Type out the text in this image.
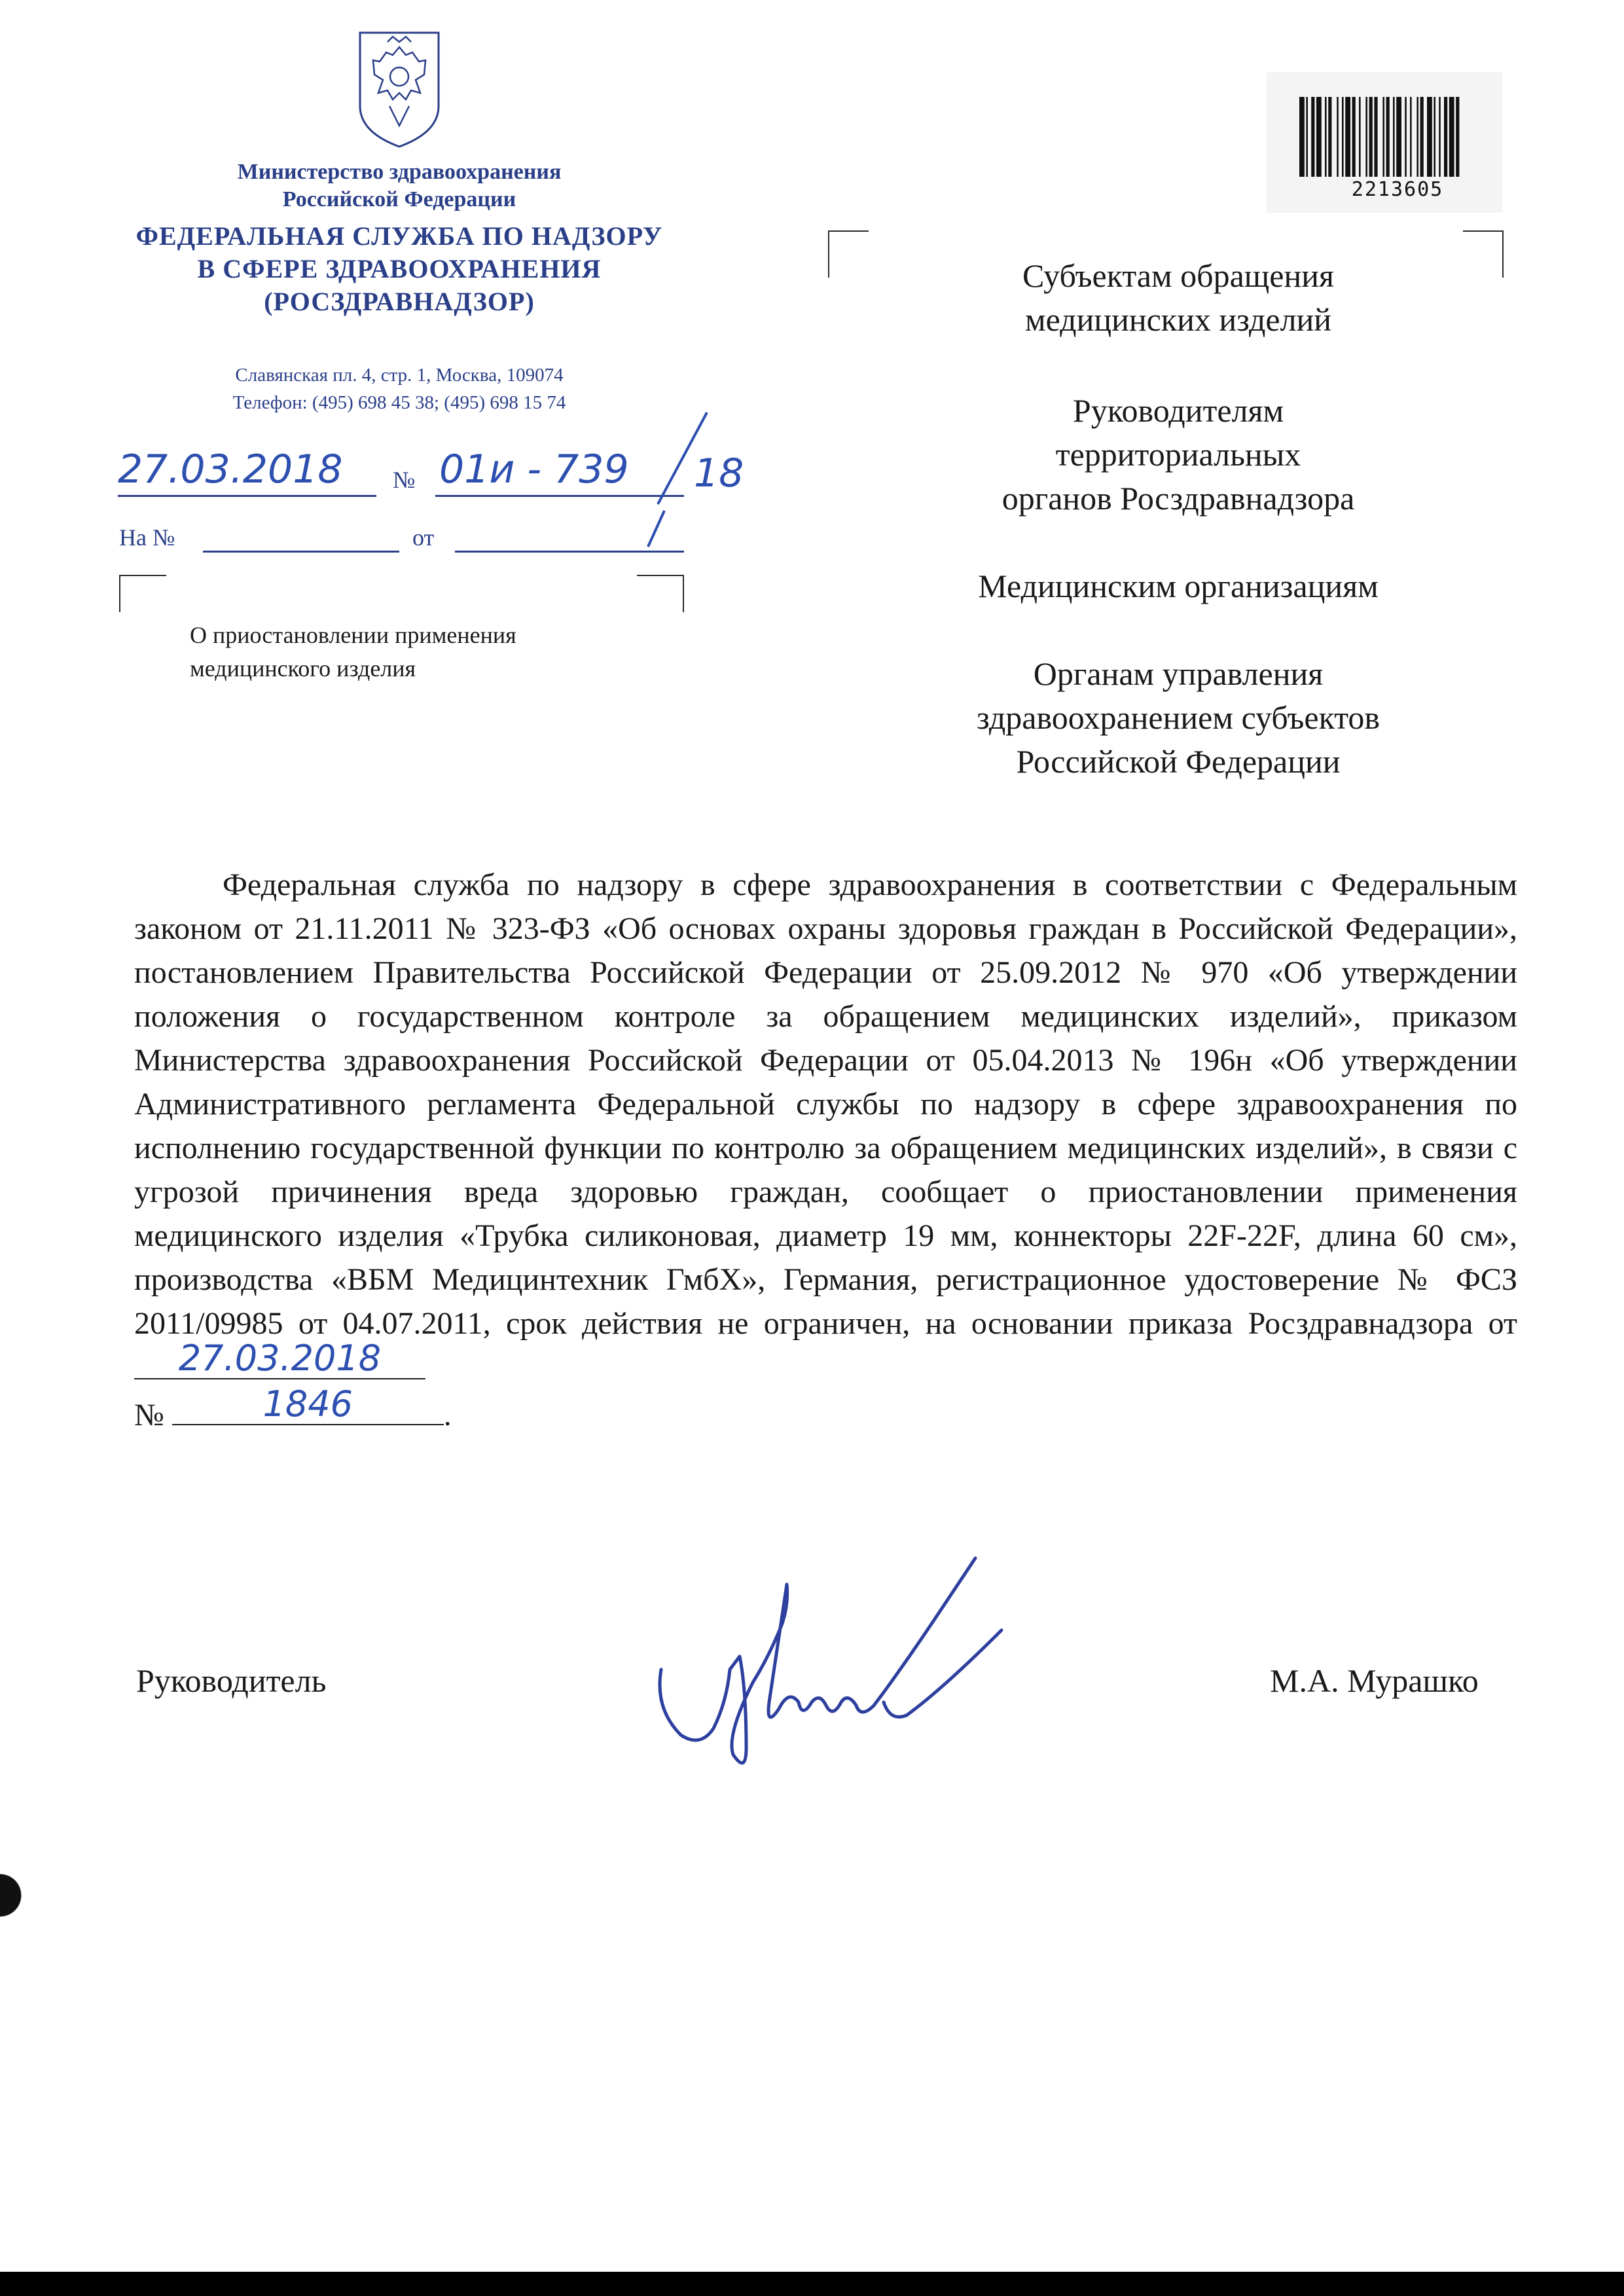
Министерство здравоохранения
Российской Федерации
ФЕДЕРАЛЬНАЯ СЛУЖБА ПО НАДЗОРУ
В СФЕРЕ ЗДРАВООХРАНЕНИЯ
(РОСЗДРАВНАДЗОР)
Славянская пл. 4, стр. 1, Москва, 109074
Телефон: (495) 698 45 38; (495) 698 15 74
27.03.2018 № 01и - 739 18
На №	от
О приостановлении применения
медицинского изделия
2213605
Субъектам обращения
медицинских изделий
Руководителям
территориальных
органов Росздравнадзора
Медицинским организациям
Органам управления
здравоохранением субъектов
Российской Федерации
Федеральная служба по надзору в сфере здравоохранения в соответствии с Федеральным законом от 21.11.2011 № 323-ФЗ «Об основах охраны здоровья граждан в Российской Федерации», постановлением Правительства Российской Федерации от 25.09.2012 № 970 «Об утверждении положения о государственном контроле за обращением медицинских изделий», приказом Министерства здравоохранения Российской Федерации от 05.04.2013 № 196н «Об утверждении Административного регламента Федеральной службы по надзору в сфере здравоохранения по исполнению государственной функции по контролю за обращением медицинских изделий», в связи с угрозой причинения вреда здоровью граждан, сообщает о приостановлении применения медицинского изделия «Трубка силиконовая, диаметр 19 мм, коннекторы 22F-22F, длина 60 см», производства «ВБМ Медицинтехник ГмбХ», Германия, регистрационное удостоверение № ФСЗ 2011/09985 от 04.07.2011, срок действия не ограничен, на основании приказа Росздравнадзора от
27.03.2018

№	1846	.
Руководитель	М.А. Мурашко
